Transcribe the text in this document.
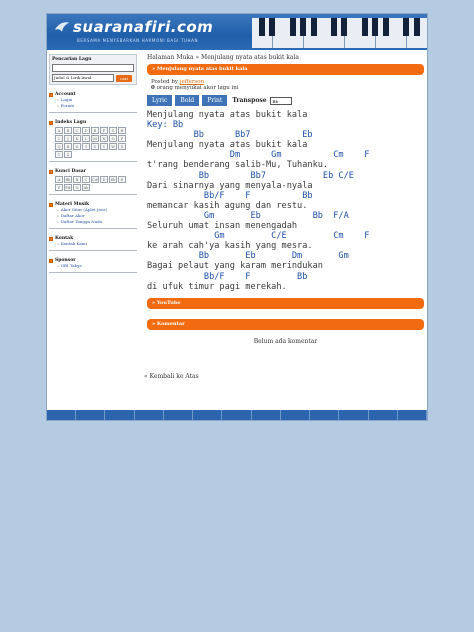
suaranafiri.com
BERSAMA MENYEBARKAN HARMONI BAGI TUHAN
Pencarian Lagu
Judul & Lirik Awal	cari
Account
» Login
» Forum
Indeks Lagu
A	B	C	D	E	F	G	H
I	J	K	L	M	N	O	P
Q	R	S	T	U	V	W	X
Y	Z
Kunci Dasar
A	Bb	B	C	C#	D	Eb	E
F	F#	G	Ab
Materi Musik
» Akor Gitar (Aplet Java)
» Daftar Akor
» Daftar Tangga Nada
Kontak
» Kontak Kami
Sponsor
» GBI Tabya
Halaman Muka » Menjulang nyata atas bukit kala
» Menjulang nyata atas bukit kala
Posted by jefferson
0 orang menyukai akor lagu ini
Lyric	Bold	Print	Transpose	Bb
Menjulang nyata atas bukit kala
Key: Bb
Bb      Bb7          Eb
Menjulang nyata atas bukit kala
Dm      Gm          Cm    F
t'rang benderang salib-Mu, Tuhanku.
Bb        Bb7           Eb C/E
Dari sinarnya yang menyala-nyala
Bb/F    F          Bb
memancar kasih agung dan restu.
Gm       Eb          Bb  F/A
Seluruh umat insan menengadah
Gm         C/E         Cm    F
ke arah cah'ya kasih yang mesra.
Bb       Eb       Dm       Gm
Bagai pelaut yang karam merindukan
Bb/F    F         Bb
di ufuk timur pagi merekah.
» YouTube
» Komentar
Belum ada komentar
« Kembali ke Atas
